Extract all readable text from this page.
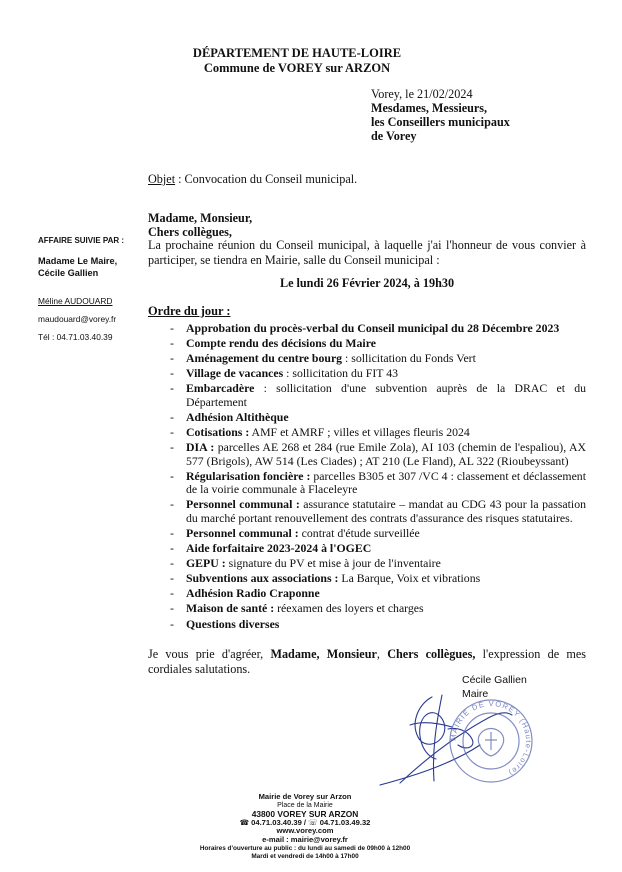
DÉPARTEMENT DE HAUTE-LOIRE
Commune de VOREY sur ARZON
Vorey, le 21/02/2024
Mesdames, Messieurs,
les Conseillers municipaux
de Vorey
Objet : Convocation du Conseil municipal.
AFFAIRE SUIVIE PAR :
Madame Le Maire,
Cécile Gallien
Méline AUDOUARD
maudouard@vorey.fr
Tél : 04.71.03.40.39
Madame, Monsieur,
Chers collègues,
La prochaine réunion du Conseil municipal, à laquelle j'ai l'honneur de vous convier à participer, se tiendra en Mairie, salle du Conseil municipal :
Le lundi 26 Février 2024, à 19h30
Ordre du jour :
- Approbation du procès-verbal du Conseil municipal du 28 Décembre 2023
- Compte rendu des décisions du Maire
- Aménagement du centre bourg : sollicitation du Fonds Vert
- Village de vacances : sollicitation du FIT 43
- Embarcadère : sollicitation d'une subvention auprès de la DRAC et du Département
- Adhésion Altithèque
- Cotisations : AMF et AMRF ; villes et villages fleuris 2024
- DIA : parcelles AE 268 et 284 (rue Emile Zola), AI 103 (chemin de l'espaliou), AX 577 (Brigols), AW 514 (Les Ciades) ; AT 210 (Le Fland), AL 322 (Rioubeyssant)
- Régularisation foncière : parcelles B305 et 307 /VC 4 : classement et déclassement de la voirie communale à Flaceleyre
- Personnel communal : assurance statutaire – mandat au CDG 43 pour la passation du marché portant renouvellement des contrats d'assurance des risques statutaires.
- Personnel communal : contrat d'étude surveillée
- Aide forfaitaire 2023-2024 à l'OGEC
- GEPU : signature du PV et mise à jour de l'inventaire
- Subventions aux associations : La Barque, Voix et vibrations
- Adhésion Radio Craponne
- Maison de santé : réexamen des loyers et charges
- Questions diverses
Je vous prie d'agréer, Madame, Monsieur, Chers collègues, l'expression de mes cordiales salutations.
Cécile Gallien
Maire
MAIRIE DE VOREY (Haute-Loire)
Mairie de Vorey sur Arzon
Place de la Mairie
43800 VOREY SUR ARZON
☎ 04.71.03.40.39 / ☏ 04.71.03.49.32
www.vorey.com
e-mail : mairie@vorey.fr
Horaires d'ouverture au public : du lundi au samedi de 09h00 à 12h00
Mardi et vendredi de 14h00 à 17h00
